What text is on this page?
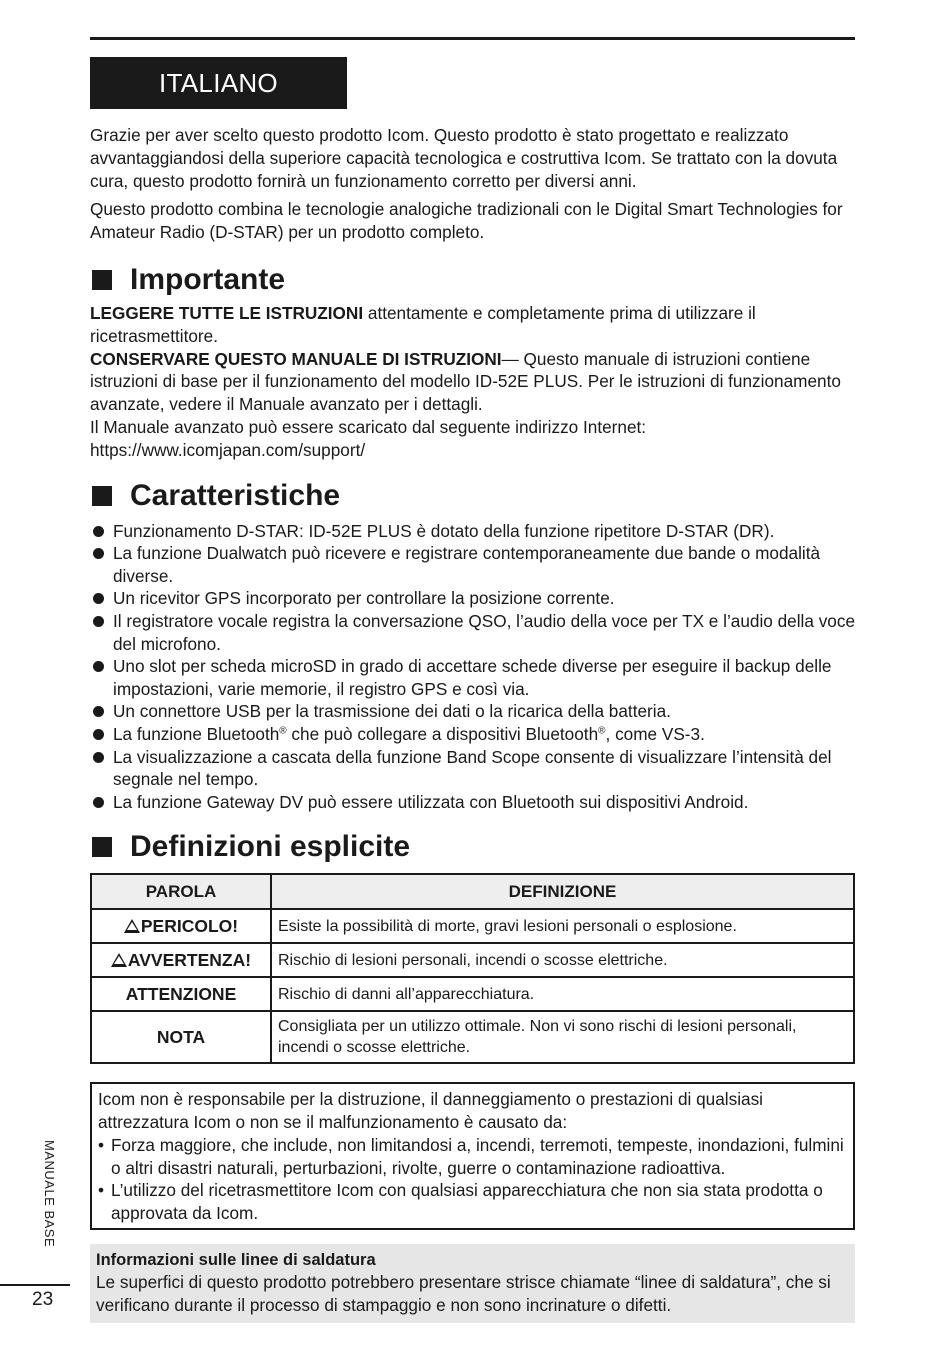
ITALIANO

Grazie per aver scelto questo prodotto Icom. Questo prodotto è stato progettato e realizzato avvantaggiandosi della superiore capacità tecnologica e costruttiva Icom. Se trattato con la dovuta cura, questo prodotto fornirà un funzionamento corretto per diversi anni.

Questo prodotto combina le tecnologie analogiche tradizionali con le Digital Smart Technologies for Amateur Radio (D-STAR) per un prodotto completo.

Importante

LEGGERE TUTTE LE ISTRUZIONI attentamente e completamente prima di utilizzare il ricetrasmettitore.

CONSERVARE QUESTO MANUALE DI ISTRUZIONI— Questo manuale di istruzioni contiene istruzioni di base per il funzionamento del modello ID-52E PLUS. Per le istruzioni di funzionamento avanzate, vedere il Manuale avanzato per i dettagli.

Il Manuale avanzato può essere scaricato dal seguente indirizzo Internet:

https://www.icomjapan.com/support/

Caratteristiche
Funzionamento D-STAR: ID-52E PLUS è dotato della funzione ripetitore D-STAR (DR).
La funzione Dualwatch può ricevere e registrare contemporaneamente due bande o modalità diverse.
Un ricevitor GPS incorporato per controllare la posizione corrente.
Il registratore vocale registra la conversazione QSO, l’audio della voce per TX e l’audio della voce del microfono.
Uno slot per scheda microSD in grado di accettare schede diverse per eseguire il backup delle impostazioni, varie memorie, il registro GPS e così via.
Un connettore USB per la trasmissione dei dati o la ricarica della batteria.
La funzione Bluetooth® che può collegare a dispositivi Bluetooth®, come VS-3.
La visualizzazione a cascata della funzione Band Scope consente di visualizzare l’intensità del segnale nel tempo.
La funzione Gateway DV può essere utilizzata con Bluetooth sui dispositivi Android.
Definizioni esplicite
PAROLA	DEFINIZIONE
PERICOLO!	Esiste la possibilità di morte, gravi lesioni personali o esplosione.
AVVERTENZA!	Rischio di lesioni personali, incendi o scosse elettriche.
ATTENZIONE	Rischio di danni all’apparecchiatura.
NOTA	Consigliata per un utilizzo ottimale. Non vi sono rischi di lesioni personali, incendi o scosse elettriche.

Icom non è responsabile per la distruzione, il danneggiamento o prestazioni di qualsiasi attrezzatura Icom o non se il malfunzionamento è causato da:

• Forza maggiore, che include, non limitandosi a, incendi, terremoti, tempeste, inondazioni, fulmini o altri disastri naturali, perturbazioni, rivolte, guerre o contaminazione radioattiva.
• L’utilizzo del ricetrasmettitore Icom con qualsiasi apparecchiatura che non sia stata prodotta o approvata da Icom.
Informazioni sulle linee di saldatura

Le superfici di questo prodotto potrebbero presentare strisce chiamate “linee di saldatura”, che si verificano durante il processo di stampaggio e non sono incrinature o difetti.

MANUALE BASE
23
